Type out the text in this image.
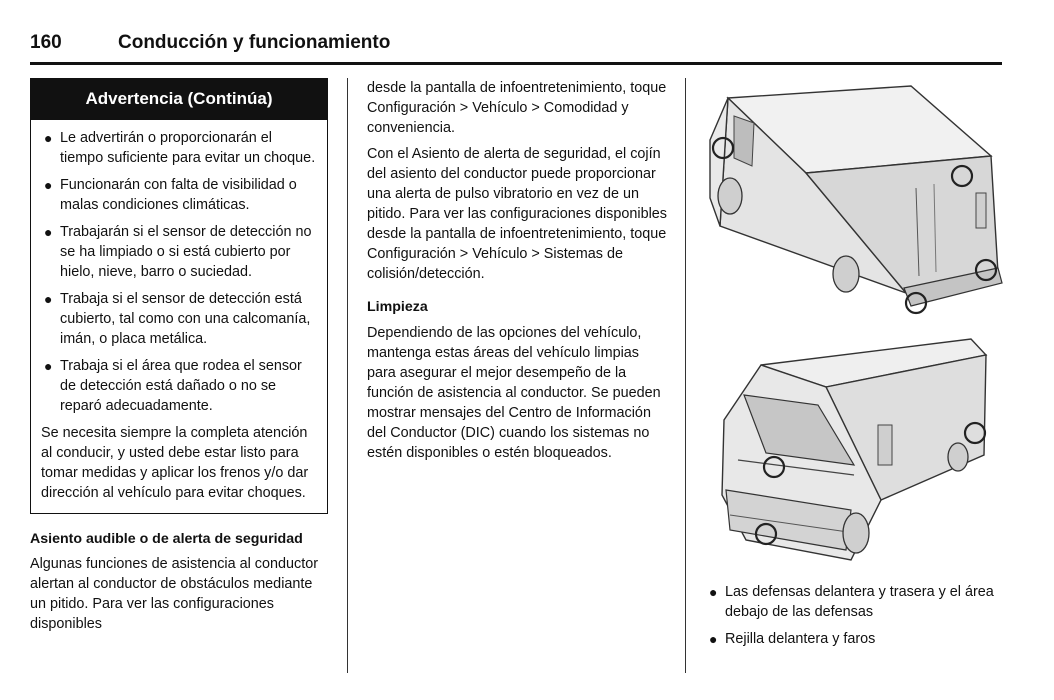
160	Conducción y funcionamiento
Advertencia (Continúa)
● Le advertirán o proporcionarán el tiempo suficiente para evitar un choque.
● Funcionarán con falta de visibilidad o malas condiciones climáticas.
● Trabajarán si el sensor de detección no se ha limpiado o si está cubierto por hielo, nieve, barro o suciedad.
● Trabaja si el sensor de detección está cubierto, tal como con una calcomanía, imán, o placa metálica.
● Trabaja si el área que rodea el sensor de detección está dañado o no se reparó adecuadamente.

Se necesita siempre la completa atención al conducir, y usted debe estar listo para tomar medidas y aplicar los frenos y/o dar dirección al vehículo para evitar choques.

Asiento audible o de alerta de seguridad

Algunas funciones de asistencia al conductor alertan al conductor de obstáculos mediante un pitido. Para ver las configuraciones disponibles

desde la pantalla de infoentretenimiento, toque Configuración > Vehículo > Comodidad y conveniencia.

Con el Asiento de alerta de seguridad, el cojín del asiento del conductor puede proporcionar una alerta de pulso vibratorio en vez de un pitido. Para ver las configuraciones disponibles desde la pantalla de infoentretenimiento, toque Configuración > Vehículo > Sistemas de colisión/detección.

Limpieza

Dependiendo de las opciones del vehículo, mantenga estas áreas del vehículo limpias para asegurar el mejor desempeño de la función de asistencia al conductor. Se pueden mostrar mensajes del Centro de Información del Conductor (DIC) cuando los sistemas no estén disponibles o estén bloqueados.

● Las defensas delantera y trasera y el área debajo de las defensas
● Rejilla delantera y faros
